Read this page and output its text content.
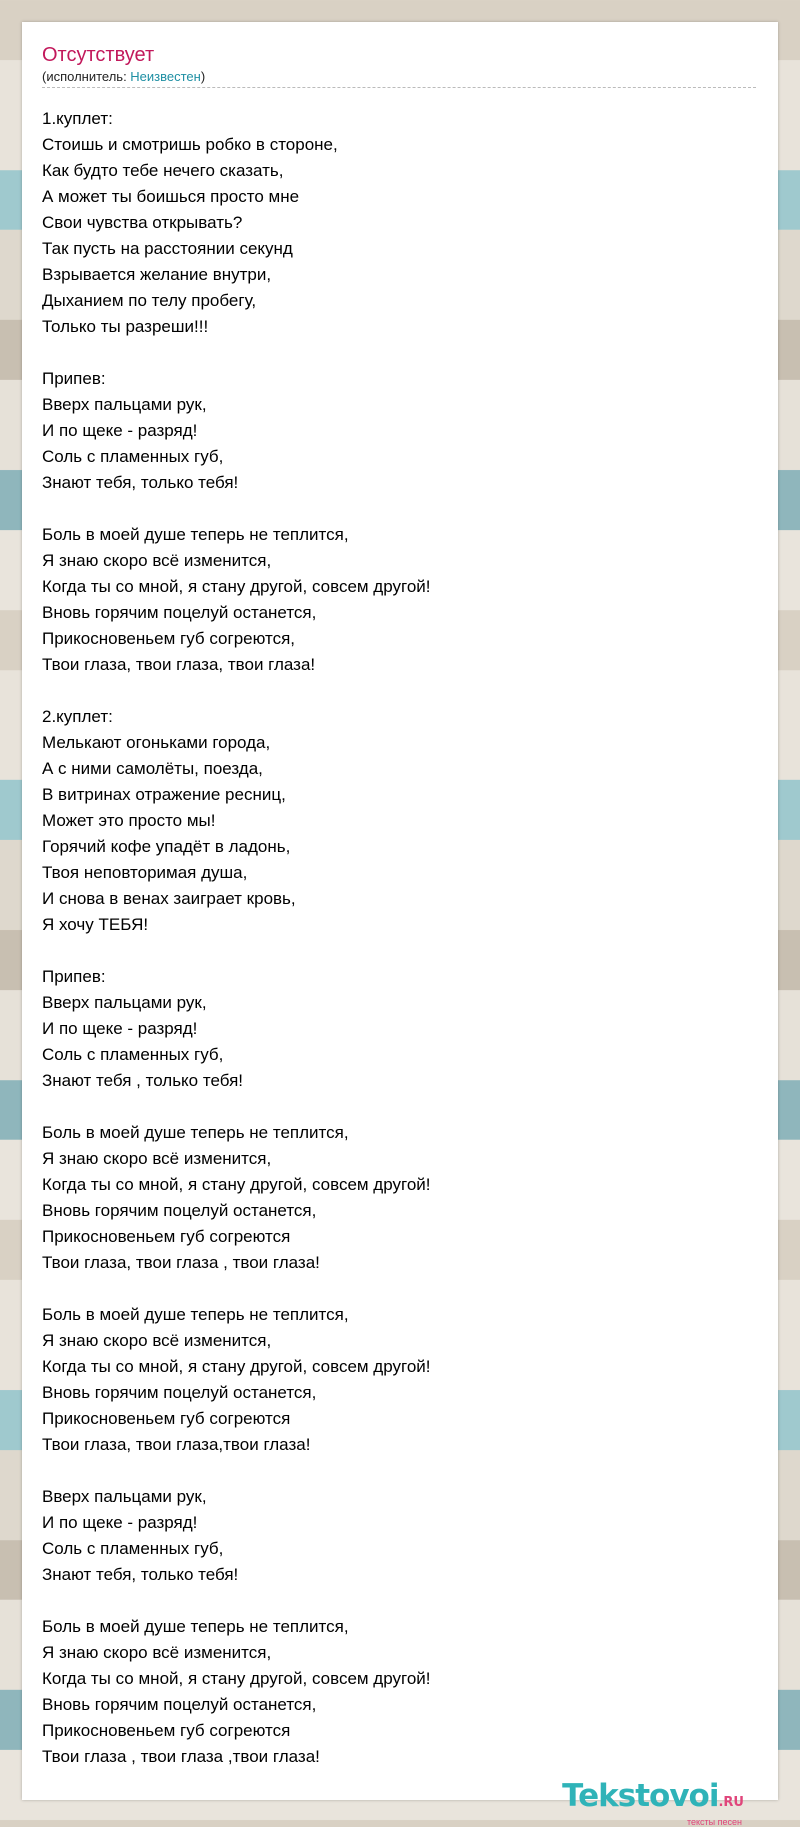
Отсутствует
(исполнитель: Неизвестен)
1.куплет:
Стоишь и смотришь робко в стороне,
Как будто тебе нечего сказать,
А может ты боишься просто мне
Свои чувства открывать?
Так пусть на расстоянии секунд
Взрывается желание внутри,
Дыханием по телу пробегу,
Только ты разреши!!!
Припев:
Вверх пальцами рук,
И по щеке - разряд!
Соль с пламенных губ,
Знают тебя, только тебя!
Боль в моей душе теперь не теплится,
Я знаю скоро всё изменится,
Когда ты со мной, я стану другой, совсем другой!
Вновь горячим поцелуй останется,
Прикосновеньем губ согреются,
Твои глаза, твои глаза, твои глаза!
2.куплет:
Мелькают огоньками города,
А с ними самолёты, поезда,
В витринах отражение ресниц,
Может это просто мы!
Горячий кофе упадёт в ладонь,
Твоя неповторимая душа,
И снова в венах заиграет кровь,
Я хочу ТЕБЯ!
Припев:
Вверх пальцами рук,
И по щеке - разряд!
Соль с пламенных губ,
Знают тебя , только тебя!
Боль в моей душе теперь не теплится,
Я знаю скоро всё изменится,
Когда ты со мной, я стану другой, совсем другой!
Вновь горячим поцелуй останется,
Прикосновеньем губ согреются
Твои глаза, твои глаза , твои глаза!
Боль в моей душе теперь не теплится,
Я знаю скоро всё изменится,
Когда ты со мной, я стану другой, совсем другой!
Вновь горячим поцелуй останется,
Прикосновеньем губ согреются
Твои глаза, твои глаза,твои глаза!
Вверх пальцами рук,
И по щеке - разряд!
Соль с пламенных губ,
Знают тебя, только тебя!
Боль в моей душе теперь не теплится,
Я знаю скоро всё изменится,
Когда ты со мной, я стану другой, совсем другой!
Вновь горячим поцелуй останется,
Прикосновеньем губ согреются
Твои глаза , твои глаза ,твои глаза!
Tekstovoi.RU
тексты песен
